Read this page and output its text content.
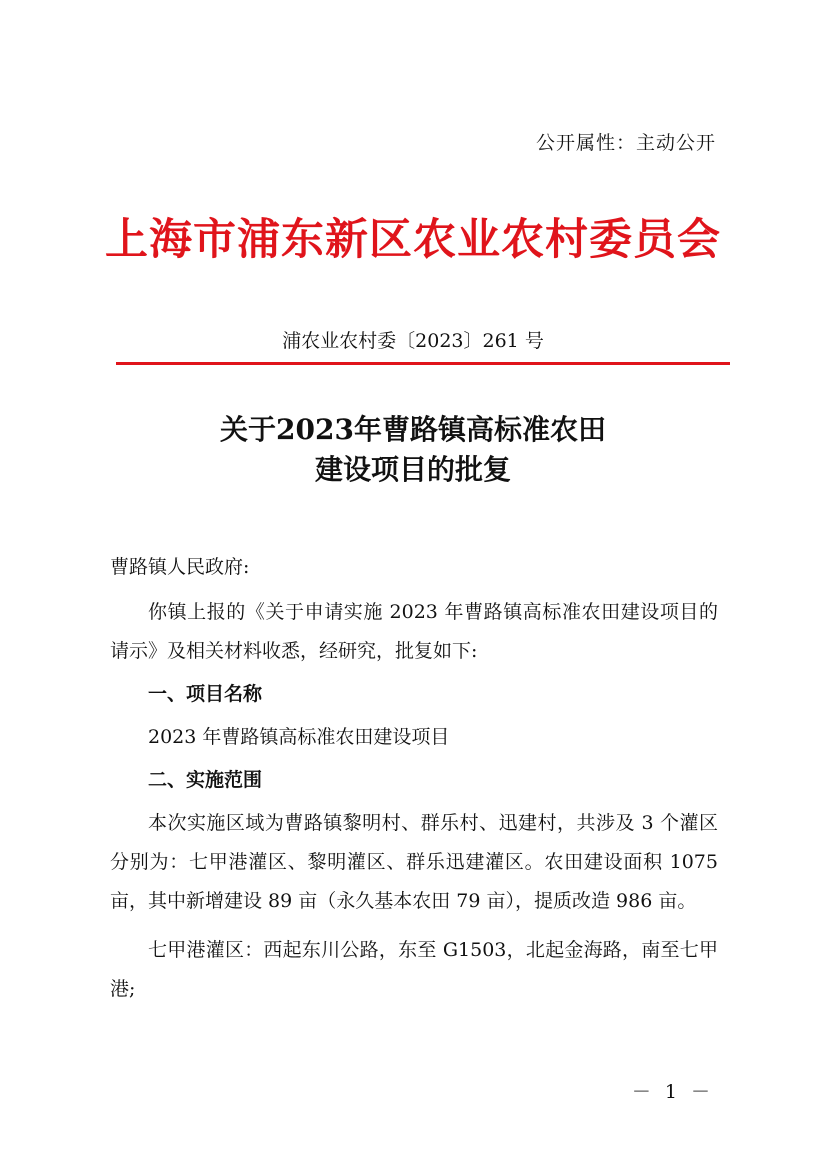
公开属性：主动公开
上海市浦东新区农业农村委员会
浦农业农村委〔2023〕261 号
关于2023年曹路镇高标准农田
建设项目的批复

曹路镇人民政府:

你镇上报的《关于申请实施 2023 年曹路镇高标准农田建设项目的请示》及相关材料收悉，经研究，批复如下:

一、项目名称

2023 年曹路镇高标准农田建设项目

二、实施范围

本次实施区域为曹路镇黎明村、群乐村、迅建村，共涉及 3 个灌区分别为：七甲港灌区、黎明灌区、群乐迅建灌区。农田建设面积 1075 亩，其中新增建设 89 亩（永久基本农田 79 亩），提质改造 986 亩。

七甲港灌区：西起东川公路，东至 G1503，北起金海路，南至七甲港;

－ 1 －
